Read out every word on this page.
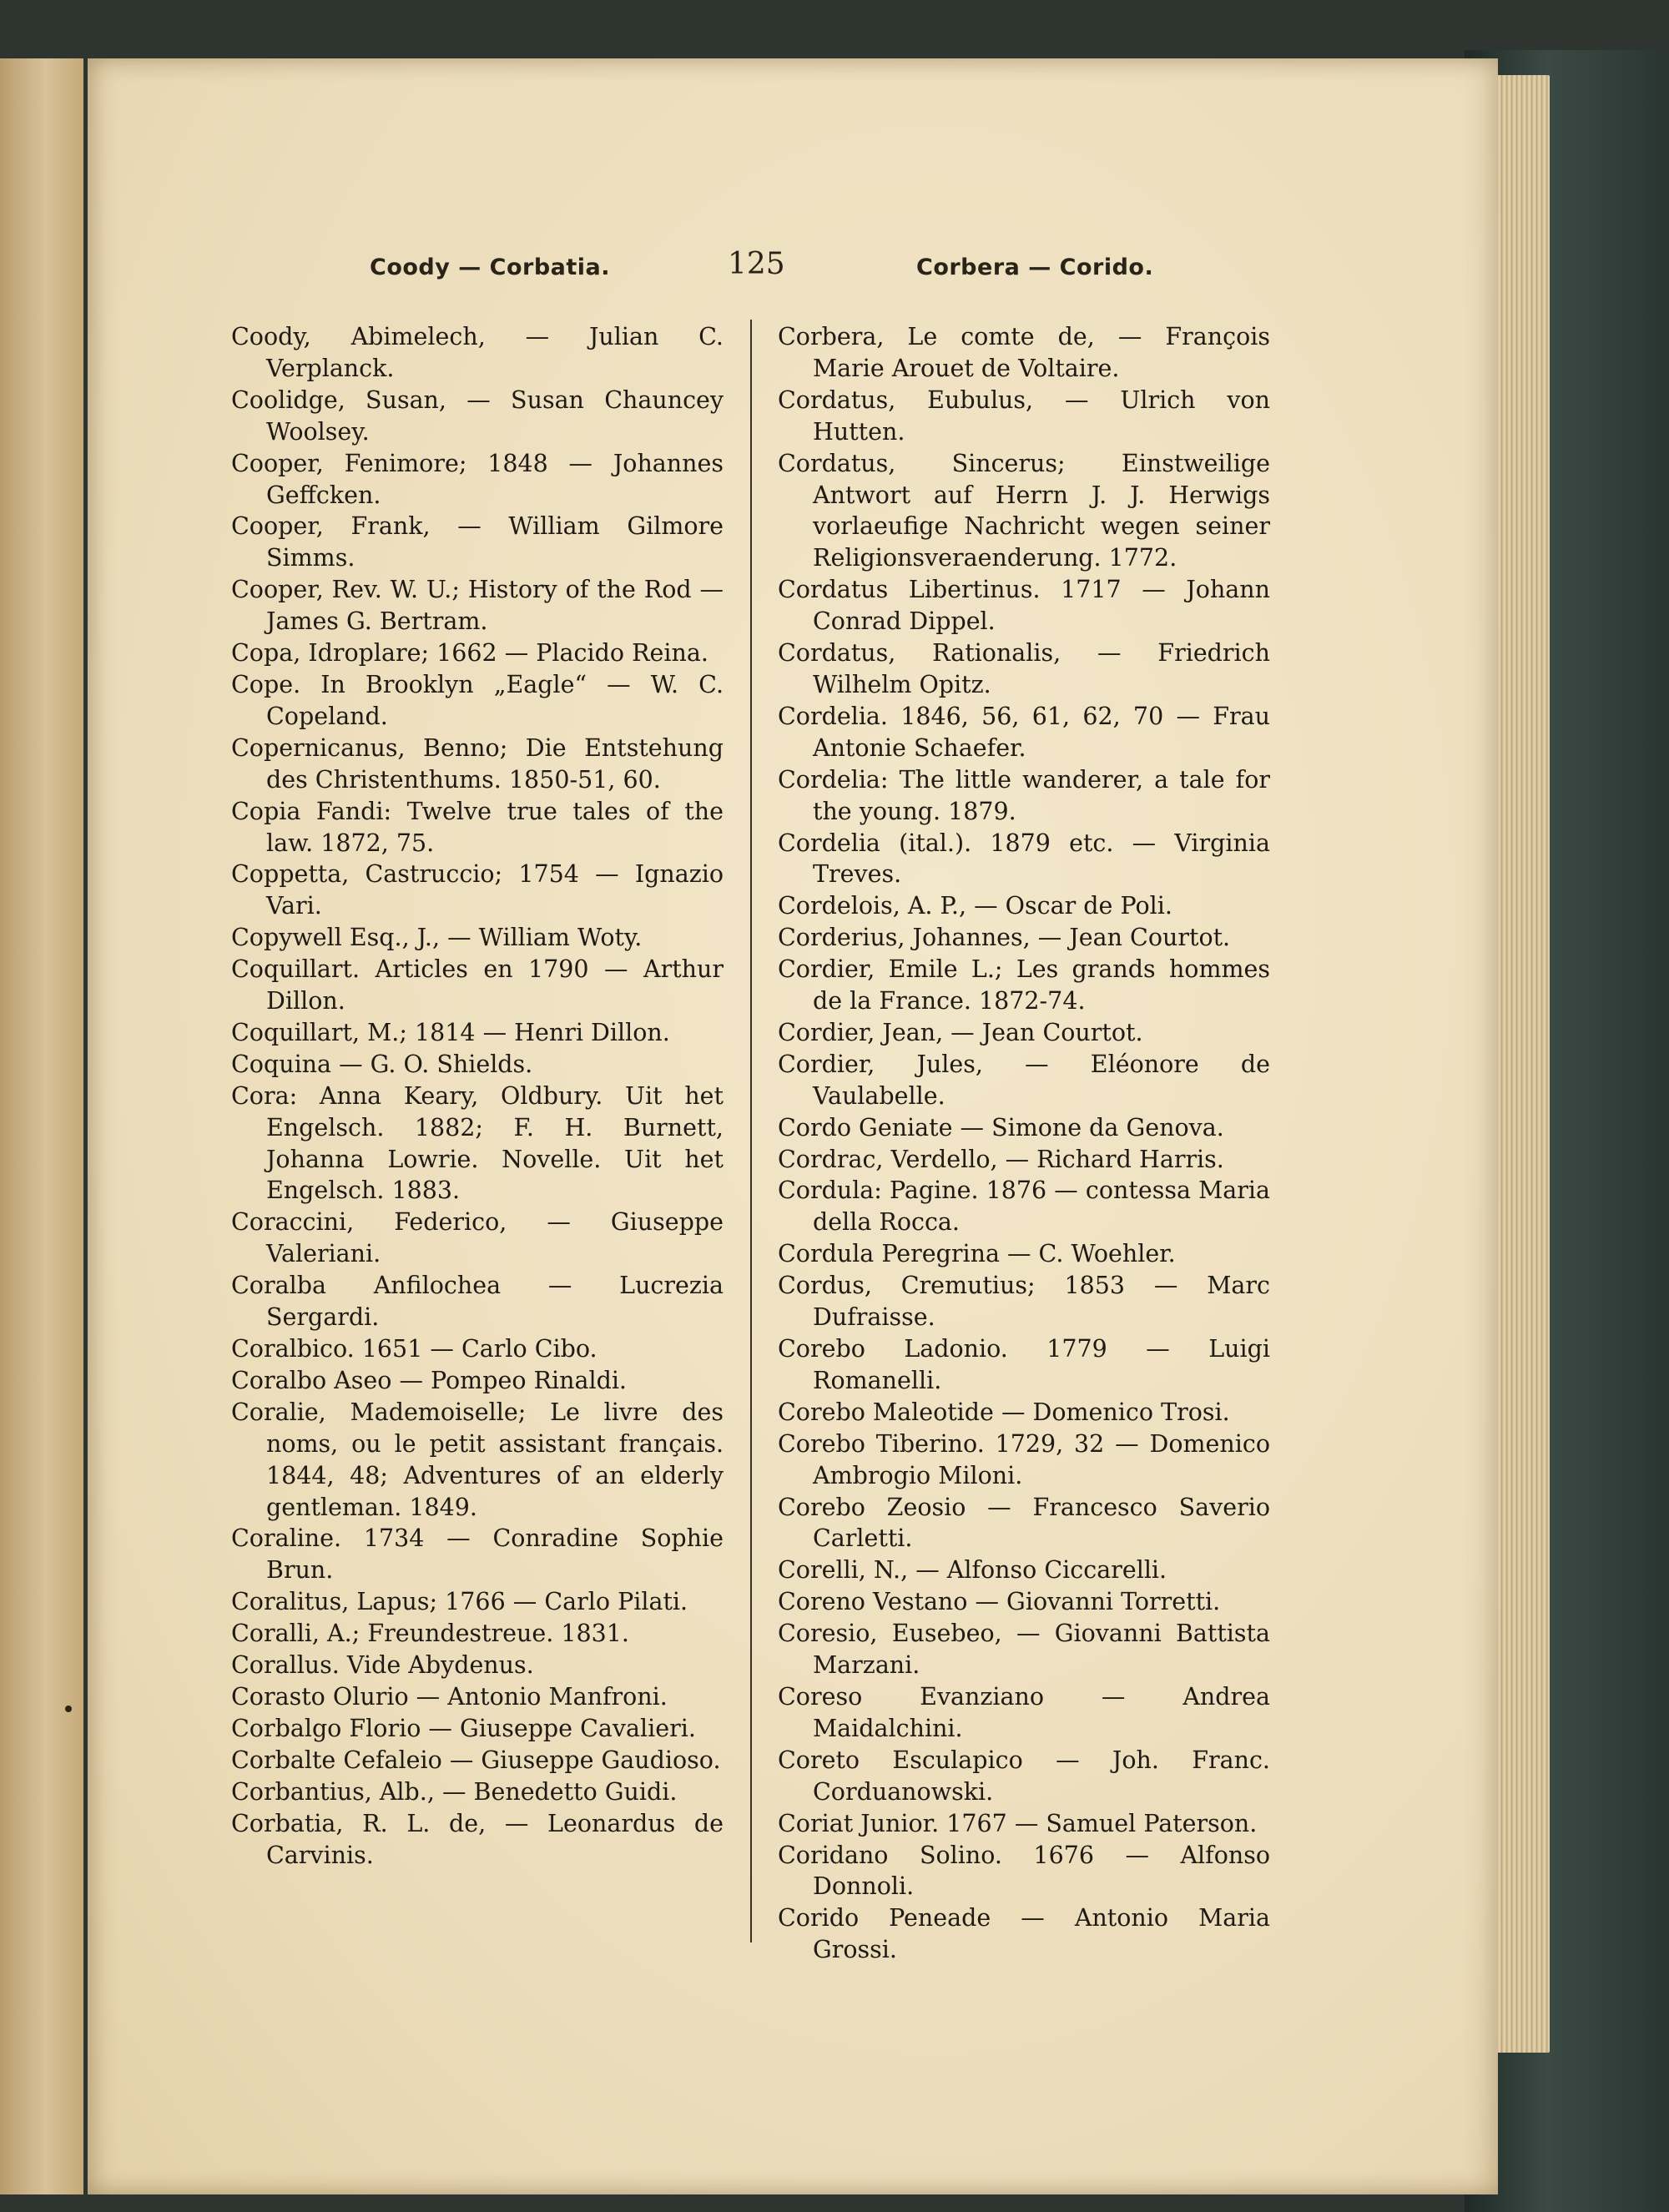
Coody — Corbatia.	125	Corbera — Corido.

Coody, Abimelech, — Julian C. Verplanck.

Coolidge, Susan, — Susan Chauncey Woolsey.

Cooper, Fenimore; 1848 — Johannes Geffcken.

Cooper, Frank, — William Gilmore Simms.

Cooper, Rev. W. U.; History of the Rod — James G. Bertram.

Copa, Idroplare; 1662 — Placido Reina.

Cope. In Brooklyn „Eagle“ — W. C. Copeland.

Copernicanus, Benno; Die Entstehung des Christenthums. 1850-51, 60.

Copia Fandi: Twelve true tales of the law. 1872, 75.

Coppetta, Castruccio; 1754 — Ignazio Vari.

Copywell Esq., J., — William Woty.

Coquillart. Articles en 1790 — Arthur Dillon.

Coquillart, M.; 1814 — Henri Dillon.

Coquina — G. O. Shields.

Cora: Anna Keary, Oldbury. Uit het Engelsch. 1882; F. H. Burnett, Johanna Lowrie. Novelle. Uit het Engelsch. 1883.

Coraccini, Federico, — Giuseppe Valeriani.

Coralba Anfilochea — Lucrezia Sergardi.

Coralbico. 1651 — Carlo Cibo.

Coralbo Aseo — Pompeo Rinaldi.

Coralie, Mademoiselle; Le livre des noms, ou le petit assistant français. 1844, 48; Adventures of an elderly gentleman. 1849.

Coraline. 1734 — Conradine Sophie Brun.

Coralitus, Lapus; 1766 — Carlo Pilati.

Coralli, A.; Freundestreue. 1831.

Corallus. Vide Abydenus.

Corasto Olurio — Antonio Manfroni.

Corbalgo Florio — Giuseppe Cavalieri.

Corbalte Cefaleio — Giuseppe Gaudioso.

Corbantius, Alb., — Benedetto Guidi.

Corbatia, R. L. de, — Leonardus de Carvinis.

Corbera, Le comte de, — François Marie Arouet de Voltaire.

Cordatus, Eubulus, — Ulrich von Hutten.

Cordatus, Sincerus; Einstweilige Antwort auf Herrn J. J. Herwigs vorlaeufige Nachricht wegen seiner Religionsveraenderung. 1772.

Cordatus Libertinus. 1717 — Johann Conrad Dippel.

Cordatus, Rationalis, — Friedrich Wilhelm Opitz.

Cordelia. 1846, 56, 61, 62, 70 — Frau Antonie Schaefer.

Cordelia: The little wanderer, a tale for the young. 1879.

Cordelia (ital.). 1879 etc. — Virginia Treves.

Cordelois, A. P., — Oscar de Poli.

Corderius, Johannes, — Jean Courtot.

Cordier, Emile L.; Les grands hommes de la France. 1872-74.

Cordier, Jean, — Jean Courtot.

Cordier, Jules, — Eléonore de Vaulabelle.

Cordo Geniate — Simone da Genova.

Cordrac, Verdello, — Richard Harris.

Cordula: Pagine. 1876 — contessa Maria della Rocca.

Cordula Peregrina — C. Woehler.

Cordus, Cremutius; 1853 — Marc Dufraisse.

Corebo Ladonio. 1779 — Luigi Romanelli.

Corebo Maleotide — Domenico Trosi.

Corebo Tiberino. 1729, 32 — Domenico Ambrogio Miloni.

Corebo Zeosio — Francesco Saverio Carletti.

Corelli, N., — Alfonso Ciccarelli.

Coreno Vestano — Giovanni Torretti.

Coresio, Eusebeo, — Giovanni Battista Marzani.

Coreso Evanziano — Andrea Maidalchini.

Coreto Esculapico — Joh. Franc. Corduanowski.

Coriat Junior. 1767 — Samuel Paterson.

Coridano Solino. 1676 — Alfonso Donnoli.

Corido Peneade — Antonio Maria Grossi.
